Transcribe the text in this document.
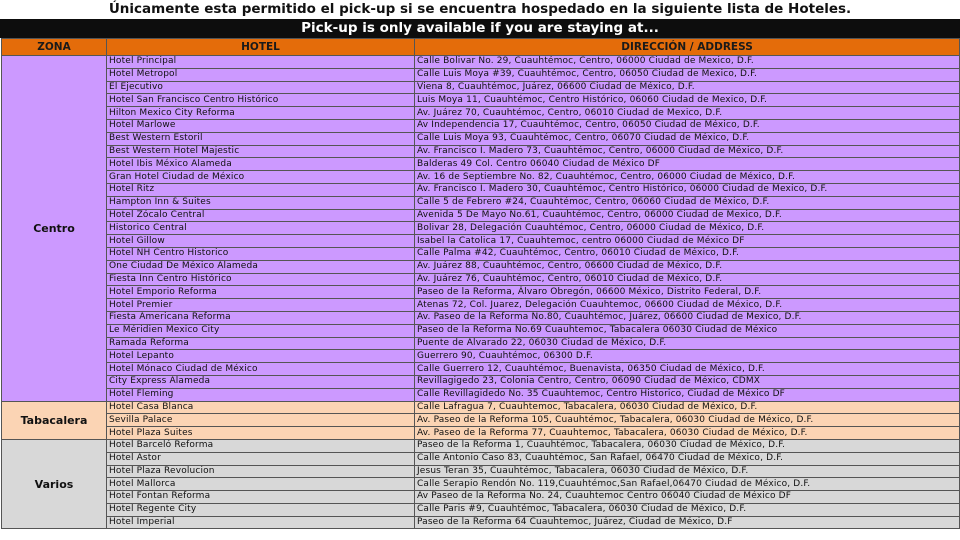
Únicamente esta permitido el pick-up si se encuentra hospedado en la siguiente lista de Hoteles.
Pick-up is only available if you are staying at...
ZONA	HOTEL	DIRECCIÓN / ADDRESS
Centro	Hotel Principal	Calle Bolivar No. 29, Cuauhtémoc, Centro, 06000 Ciudad de Mexico, D.F.
	Hotel Metropol	Calle Luis Moya #39, Cuauhtémoc, Centro, 06050 Ciudad de Mexico, D.F.
	El Ejecutivo	Viena 8, Cuauhtémoc, Juárez, 06600 Ciudad de México, D.F.
	Hotel San Francisco Centro Histórico	Luis Moya 11, Cuauhtémoc, Centro Histórico, 06060 Ciudad de Mexico, D.F.
	Hilton Mexico City Reforma	Av. Juárez 70, Cuauhtémoc, Centro, 06010 Ciudad de Mexico, D.F.
	Hotel Marlowe	Av Independencia 17, Cuauhtémoc, Centro, 06050 Ciudad de México, D.F.
	Best Western Estoril	Calle Luis Moya 93, Cuauhtémoc, Centro, 06070 Ciudad de México, D.F.
	Best Western Hotel Majestic	Av. Francisco I. Madero 73, Cuauhtémoc, Centro, 06000 Ciudad de México, D.F.
	Hotel Ibis México Alameda	Balderas 49 Col. Centro 06040 Ciudad de México DF
	Gran Hotel Ciudad de México	Av. 16 de Septiembre No. 82, Cuauhtémoc, Centro, 06000 Ciudad de México, D.F.
	Hotel Ritz	Av. Francisco I. Madero 30, Cuauhtémoc, Centro Histórico, 06000 Ciudad de Mexico, D.F.
	Hampton Inn & Suites	Calle 5 de Febrero #24, Cuauhtémoc, Centro, 06060 Ciudad de México, D.F.
	Hotel Zócalo Central	Avenida 5 De Mayo No.61, Cuauhtémoc, Centro, 06000 Ciudad de Mexico, D.F.
	Historico Central	Bolivar 28, Delegación Cuauhtémoc, Centro, 06000 Ciudad de México, D.F.
	Hotel Gillow	Isabel la Catolica 17, Cuauhtemoc, centro 06000 Ciudad de México DF
	Hotel NH Centro Historico	Calle Palma #42, Cuauhtémoc, Centro, 06010 Ciudad de México, D.F.
	One Ciudad De México Alameda	Av. Juárez 88, Cuauhtémoc, Centro, 06600 Ciudad de México, D.F.
	Fiesta Inn Centro Histórico	Av. Juárez 76, Cuauhtémoc, Centro, 06010 Ciudad de México, D.F.
	Hotel Emporio Reforma	Paseo de la Reforma, Álvaro Obregón, 06600 México, Distrito Federal, D.F.
	Hotel Premier	Atenas 72, Col. Juarez, Delegación Cuauhtemoc, 06600 Ciudad de México, D.F.
	Fiesta Americana Reforma	Av. Paseo de la Reforma No.80, Cuauhtémoc, Juárez, 06600 Ciudad de Mexico, D.F.
	Le Méridien Mexico City	Paseo de la Reforma No.69 Cuauhtemoc, Tabacalera 06030 Ciudad de México
	Ramada Reforma	Puente de Alvarado 22, 06030 Ciudad de México, D.F.
	Hotel Lepanto	Guerrero 90, Cuauhtémoc, 06300 D.F.
	Hotel Mónaco Ciudad de México	Calle Guerrero 12, Cuauhtémoc, Buenavista, 06350 Ciudad de México, D.F.
	City Express Alameda	Revillagigedo 23, Colonia Centro, Centro, 06090 Ciudad de México, CDMX
	Hotel Fleming	Calle Revillagidedo No. 35 Cuauhtemoc, Centro Historico, Ciudad de México DF
Tabacalera	Hotel Casa Blanca	Calle Lafragua 7, Cuauhtemoc, Tabacalera, 06030 Ciudad de México, D.F.
	Sevilla Palace	Av. Paseo de la Reforma 105, Cuauhtémoc, Tabacalera, 06030 Ciudad de México, D.F.
	Hotel Plaza Suites	Av. Paseo de la Reforma 77, Cuauhtemoc, Tabacalera, 06030 Ciudad de México, D.F.
Varios	Hotel Barceló Reforma	Paseo de la Reforma 1, Cuauhtémoc, Tabacalera, 06030 Ciudad de México, D.F.
	Hotel Astor	Calle Antonio Caso 83, Cuauhtémoc, San Rafael, 06470 Ciudad de México, D.F.
	Hotel Plaza Revolucion	Jesus Teran 35, Cuauhtémoc, Tabacalera, 06030 Ciudad de México, D.F.
	Hotel Mallorca	Calle Serapio Rendón No. 119,Cuauhtémoc,San Rafael,06470 Ciudad de México, D.F.
	Hotel Fontan Reforma	Av Paseo de la Reforma No. 24, Cuauhtemoc Centro 06040 Ciudad de México DF
	Hotel Regente City	Calle Paris #9, Cuauhtémoc, Tabacalera, 06030 Ciudad de México, D.F.
	Hotel Imperial	Paseo de la Reforma 64 Cuauhtemoc, Juárez, Ciudad de México, D.F
